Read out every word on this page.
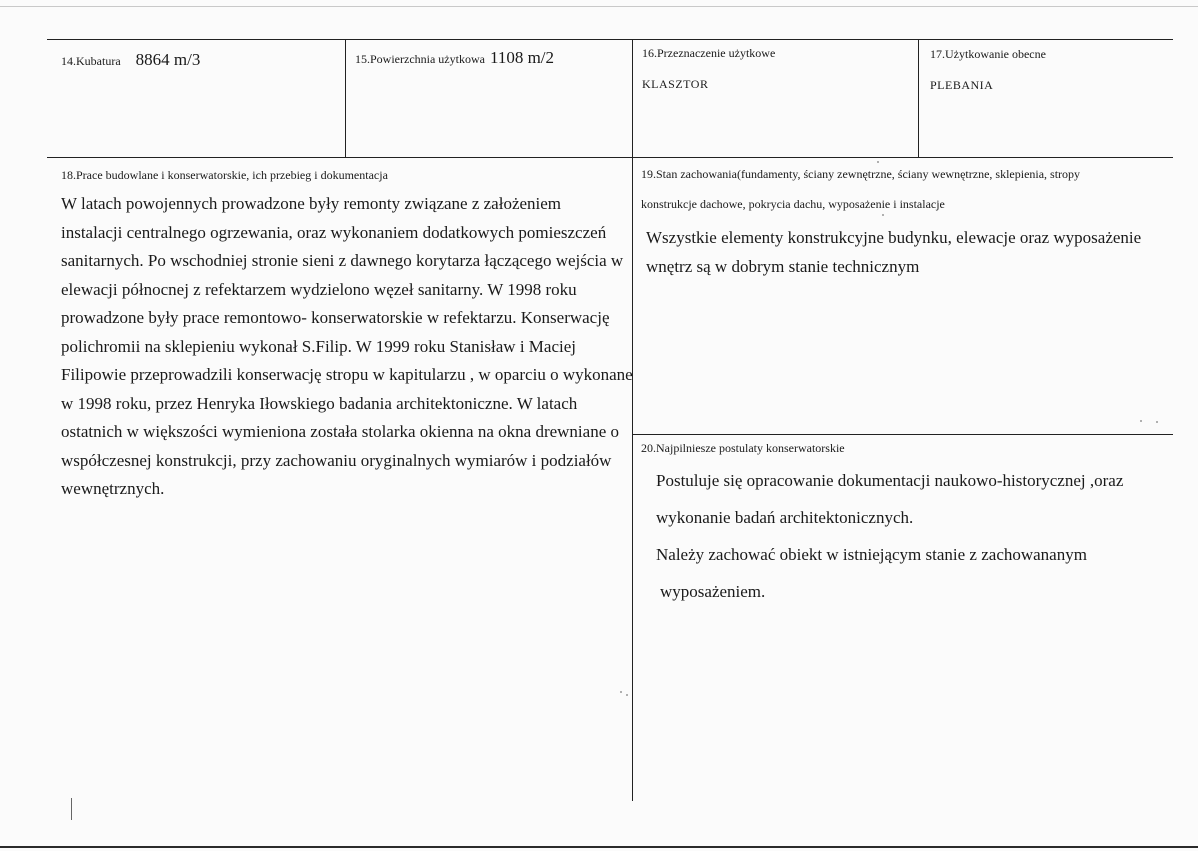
14.Kubatura 8864 m/3	15.Powierzchnia użytkowa 1108 m/2	16.Przeznaczenie użytkowe
KLASZTOR
17.Użytkowanie obecne
PLEBANIA
18.Prace budowlane i konserwatorskie, ich przebieg i dokumentacja
W latach powojennych prowadzone były remonty związane z założeniem
instalacji centralnego ogrzewania, oraz wykonaniem dodatkowych pomieszczeń
sanitarnych. Po wschodniej stronie sieni z dawnego korytarza łączącego wejścia w
elewacji północnej z refektarzem wydzielono węzeł sanitarny. W 1998 roku
prowadzone były prace remontowo- konserwatorskie w refektarzu. Konserwację
polichromii na sklepieniu wykonał S.Filip. W 1999 roku Stanisław i Maciej
Filipowie przeprowadzili konserwację stropu w kapitularzu , w oparciu o wykonane
w 1998 roku, przez Henryka Iłowskiego badania architektoniczne. W latach
ostatnich w większości wymieniona została stolarka okienna na okna drewniane o
współczesnej konstrukcji, przy zachowaniu oryginalnych wymiarów i podziałów
wewnętrznych.
19.Stan zachowania(fundamenty, ściany zewnętrzne, ściany wewnętrzne, sklepienia, stropy
konstrukcje dachowe, pokrycia dachu, wyposażenie i instalacje
Wszystkie elementy konstrukcyjne budynku, elewacje oraz wyposażenie
wnętrz są w dobrym stanie technicznym
20.Najpilniesze postulaty konserwatorskie
Postuluje się opracowanie dokumentacji naukowo-historycznej ,oraz
wykonanie badań architektonicznych.
Należy zachować obiekt w istniejącym stanie z zachowananym
wyposażeniem.
